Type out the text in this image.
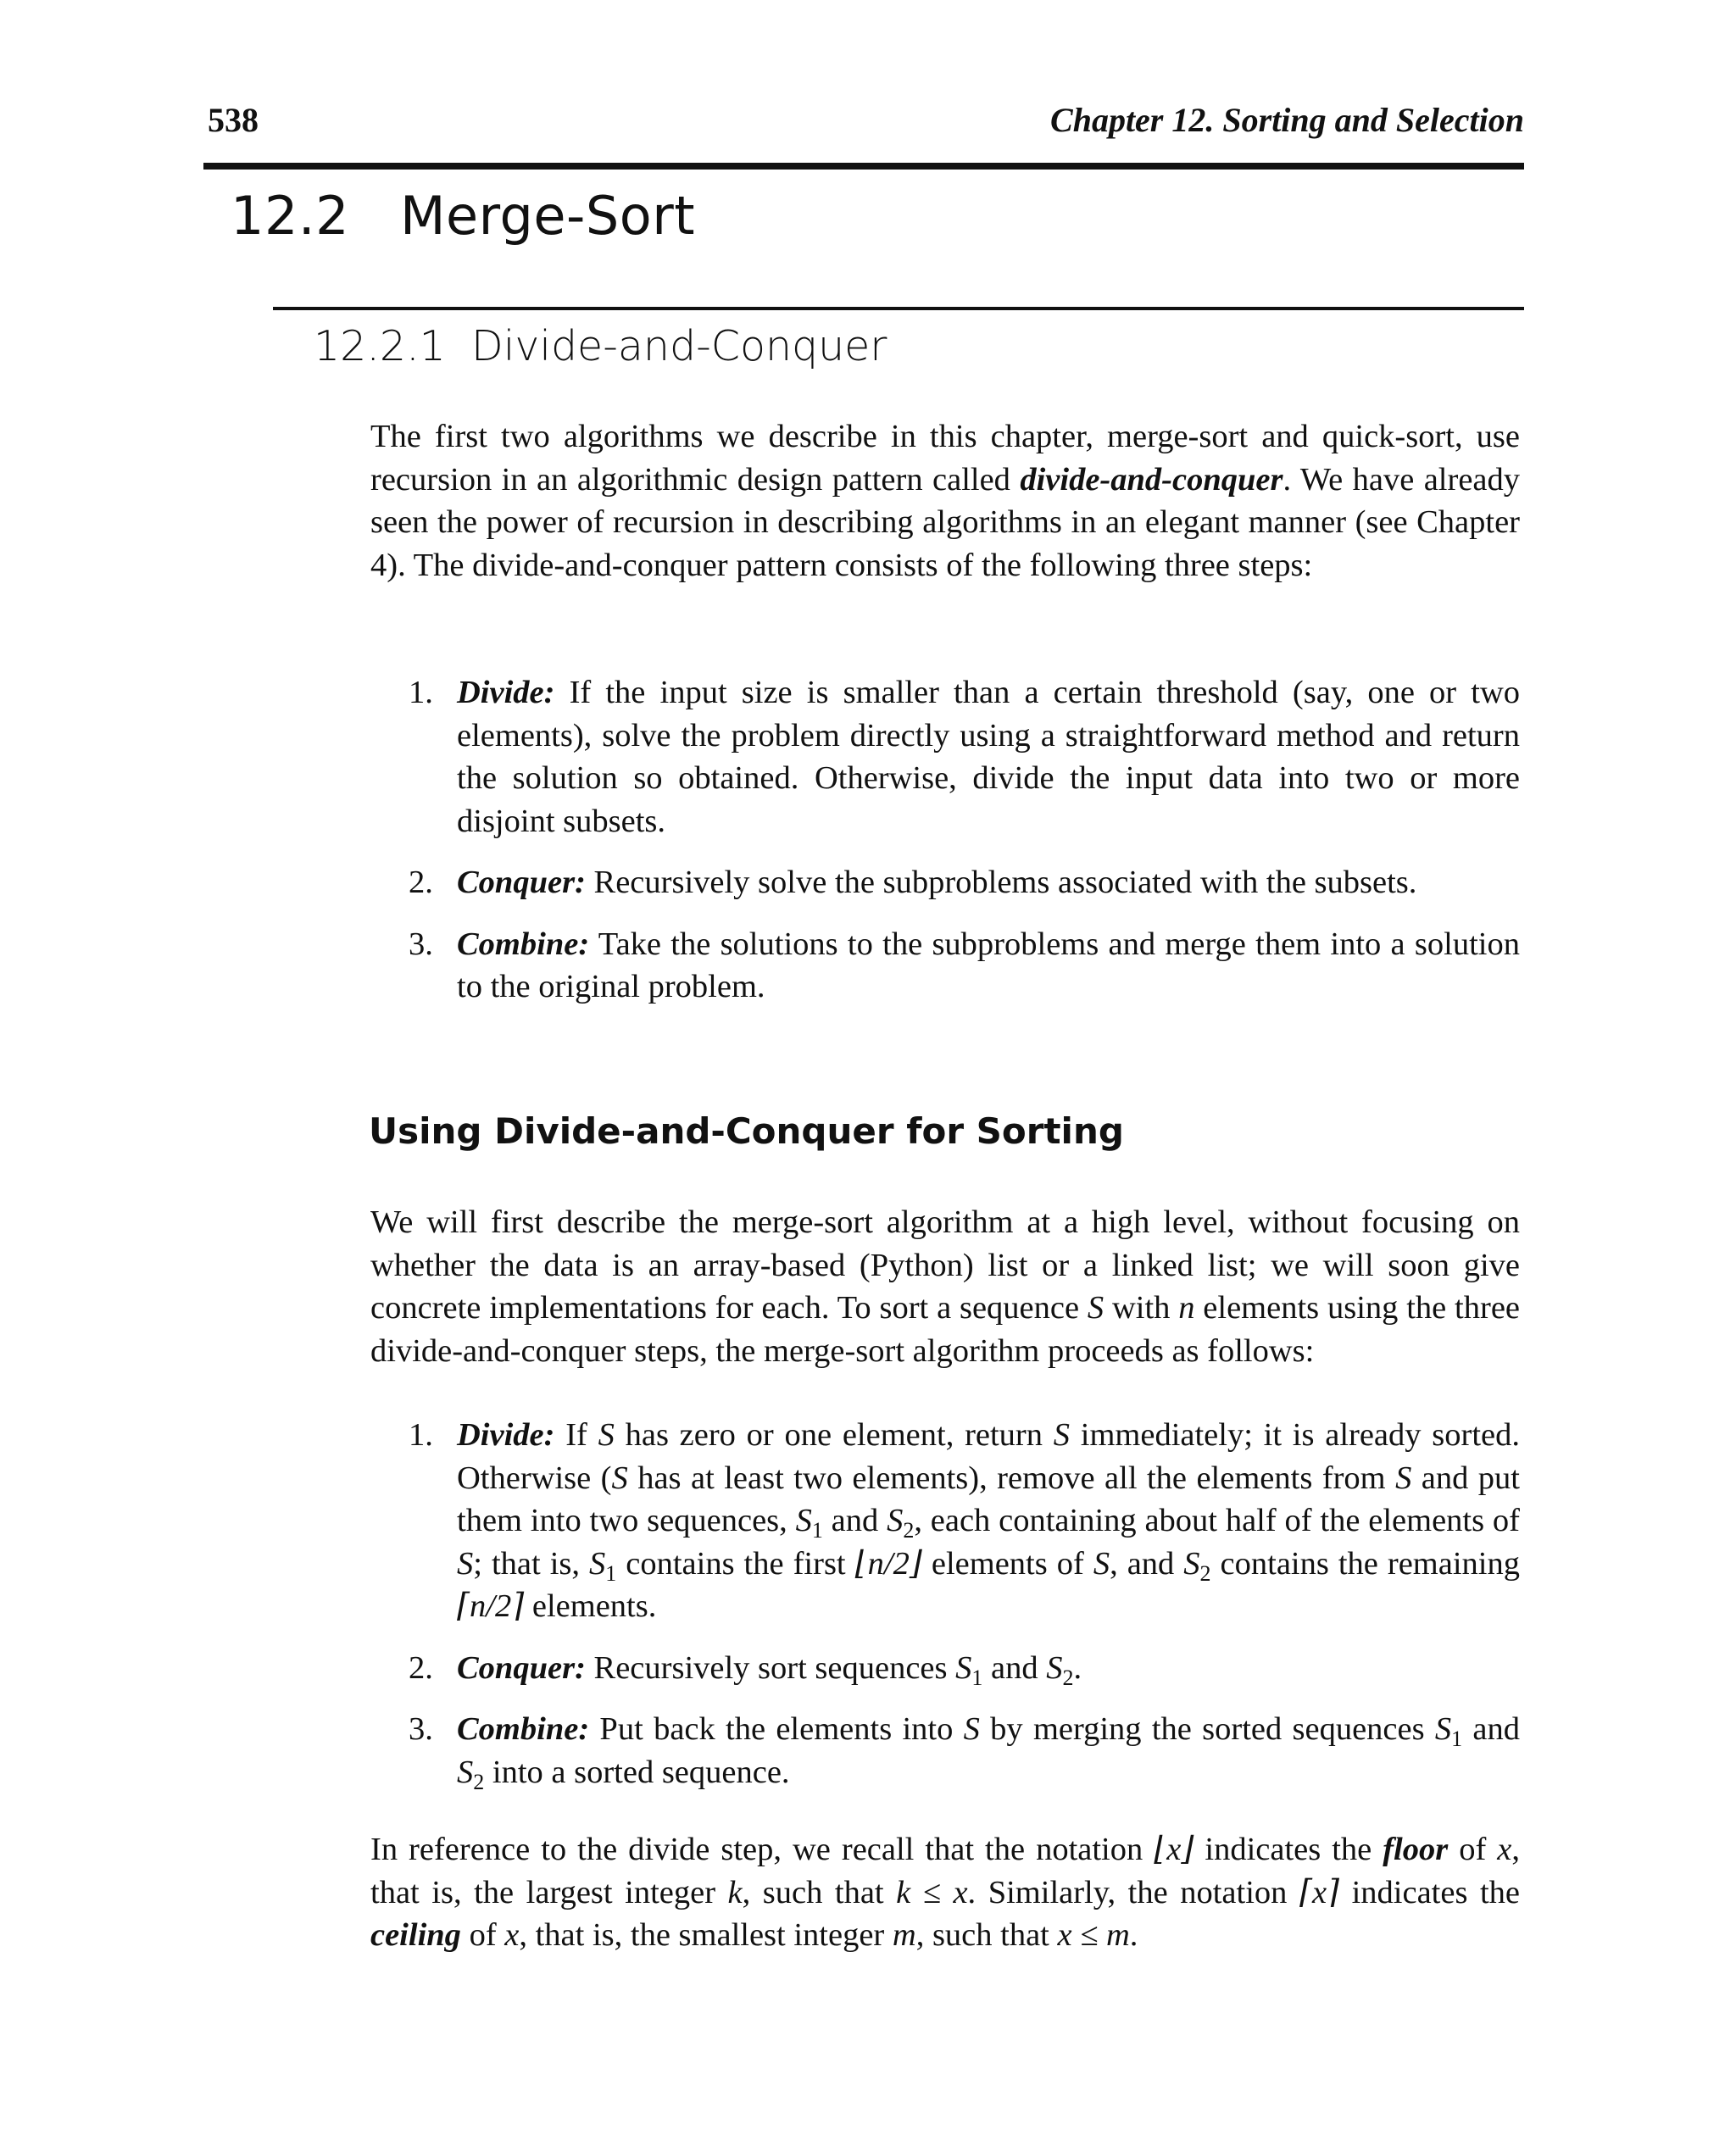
538	Chapter 12. Sorting and Selection
12.2 Merge-Sort
12.2.1 Divide-and-Conquer

The first two algorithms we describe in this chapter, merge-sort and quick-sort, use recursion in an algorithmic design pattern called divide-and-conquer. We have already seen the power of recursion in describing algorithms in an elegant manner (see Chapter 4). The divide-and-conquer pattern consists of the following three steps:

1. Divide: If the input size is smaller than a certain threshold (say, one or two elements), solve the problem directly using a straightforward method and return the solution so obtained. Otherwise, divide the input data into two or more disjoint subsets.
2. Conquer: Recursively solve the subproblems associated with the subsets.
3. Combine: Take the solutions to the subproblems and merge them into a solution to the original problem.
Using Divide-and-Conquer for Sorting

We will first describe the merge-sort algorithm at a high level, without focusing on whether the data is an array-based (Python) list or a linked list; we will soon give concrete implementations for each. To sort a sequence S with n elements using the three divide-and-conquer steps, the merge-sort algorithm proceeds as follows:

1. Divide: If S has zero or one element, return S immediately; it is already sorted. Otherwise (S has at least two elements), remove all the elements from S and put them into two sequences, $S_1$ and $S_2$, each containing about half of the elements of S; that is, $S_1$ contains the first ⌊n/2⌋ elements of S, and $S_2$ contains the remaining ⌈n/2⌉ elements.
2. Conquer: Recursively sort sequences $S_1$ and $S_2$.
3. Combine: Put back the elements into S by merging the sorted sequences $S_1$ and $S_2$ into a sorted sequence.

In reference to the divide step, we recall that the notation ⌊x⌋ indicates the floor of x, that is, the largest integer k, such that k ≤ x. Similarly, the notation ⌈x⌉ indicates the ceiling of x, that is, the smallest integer m, such that x ≤ m.
